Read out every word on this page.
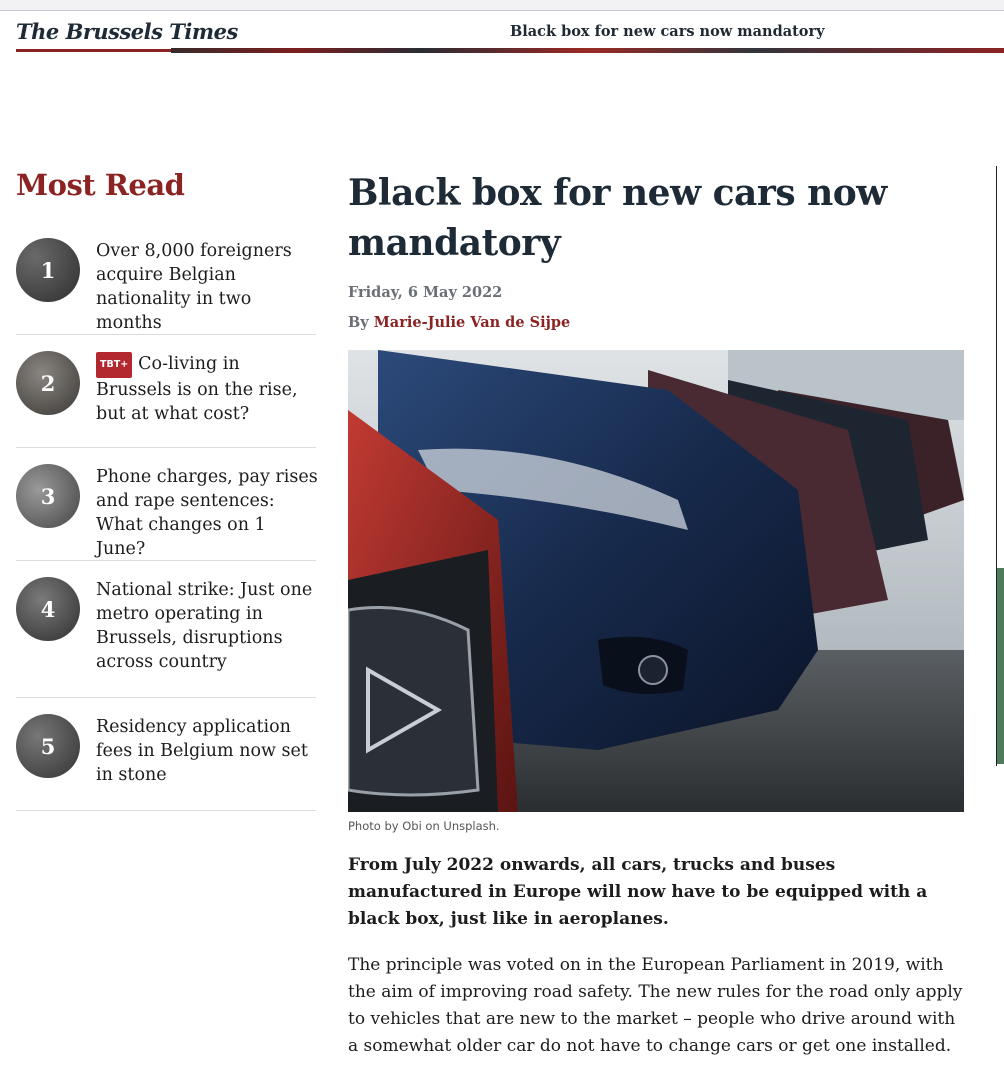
The Brussels Times	Black box for new cars now mandatory
Most Read
1
Over 8,000 foreigners acquire Belgian nationality in two months
2
TBT+ Co-living in Brussels is on the rise, but at what cost?
3
Phone charges, pay rises and rape sentences: What changes on 1 June?
4
National strike: Just one metro operating in Brussels, disruptions across country
5
Residency application fees in Belgium now set in stone
Black box for new cars now mandatory
Friday, 6 May 2022
By Marie-Julie Van de Sijpe
Photo by Obi on Unsplash.

From July 2022 onwards, all cars, trucks and buses manufactured in Europe will now have to be equipped with a black box, just like in aeroplanes.

The principle was voted on in the European Parliament in 2019, with the aim of improving road safety. The new rules for the road only apply to vehicles that are new to the market – people who drive around with a somewhat older car do not have to change cars or get one installed.
